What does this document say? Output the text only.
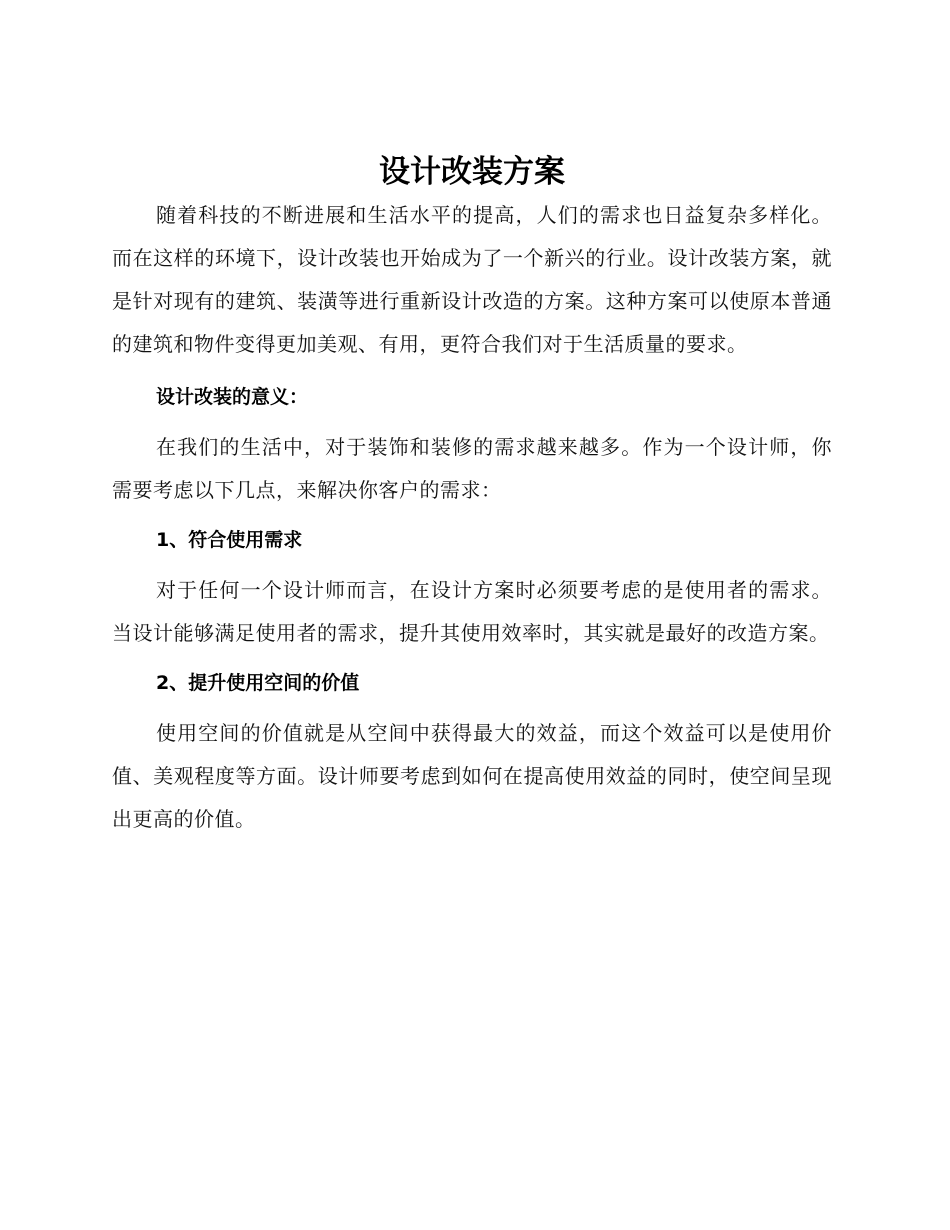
设计改装方案

随着科技的不断进展和生活水平的提高，人们的需求也日益复杂多样化。而在这样的环境下，设计改装也开始成为了一个新兴的行业。设计改装方案，就是针对现有的建筑、装潢等进行重新设计改造的方案。这种方案可以使原本普通的建筑和物件变得更加美观、有用，更符合我们对于生活质量的要求。

设计改装的意义：

在我们的生活中，对于装饰和装修的需求越来越多。作为一个设计师，你需要考虑以下几点，来解决你客户的需求：

1、符合使用需求

对于任何一个设计师而言，在设计方案时必须要考虑的是使用者的需求。当设计能够满足使用者的需求，提升其使用效率时，其实就是最好的改造方案。

2、提升使用空间的价值

使用空间的价值就是从空间中获得最大的效益，而这个效益可以是使用价值、美观程度等方面。设计师要考虑到如何在提高使用效益的同时，使空间呈现出更高的价值。
